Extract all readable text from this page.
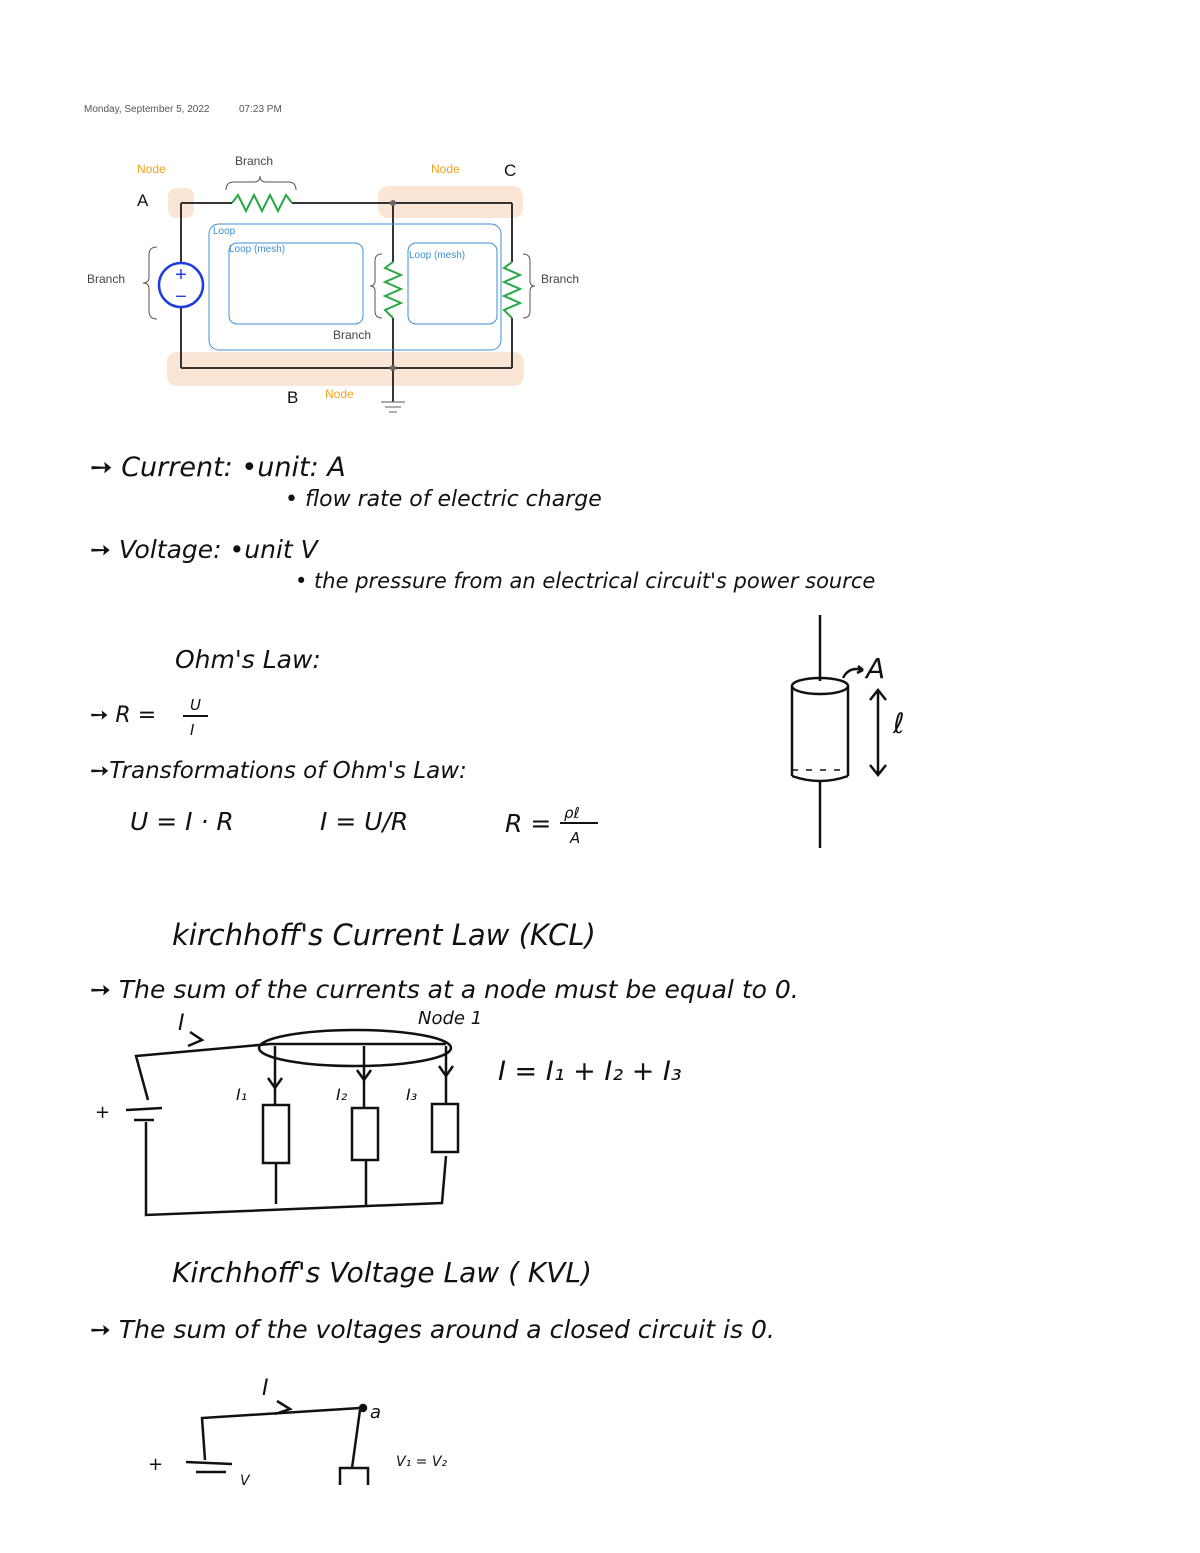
Monday, September 5, 2022	07:23 PM
+
−
Node	Node
Node
Branch
Branch
Branch
Branch
Loop
Loop (mesh)
Loop (mesh)
A
B
C
➙ Current: •unit: A
• flow rate of electric charge
➙ Voltage: •unit V
• the pressure from an electrical circuit's power source
Ohm's Law:
➙ R = U
I
➙Transformations of Ohm's Law:
U = I · R	I = U/R	R = ρℓ
A
A
ℓ
kirchhoff's Current Law (KCL)
➙ The sum of the currents at a node must be equal to 0.
I	Node 1
I = I₁ + I₂ + I₃
+
I₁	I₂	I₃
Kirchhoff's Voltage Law ( KVL)
➙ The sum of the voltages around a closed circuit is 0.
I
a
+
V
V₁ = V₂
